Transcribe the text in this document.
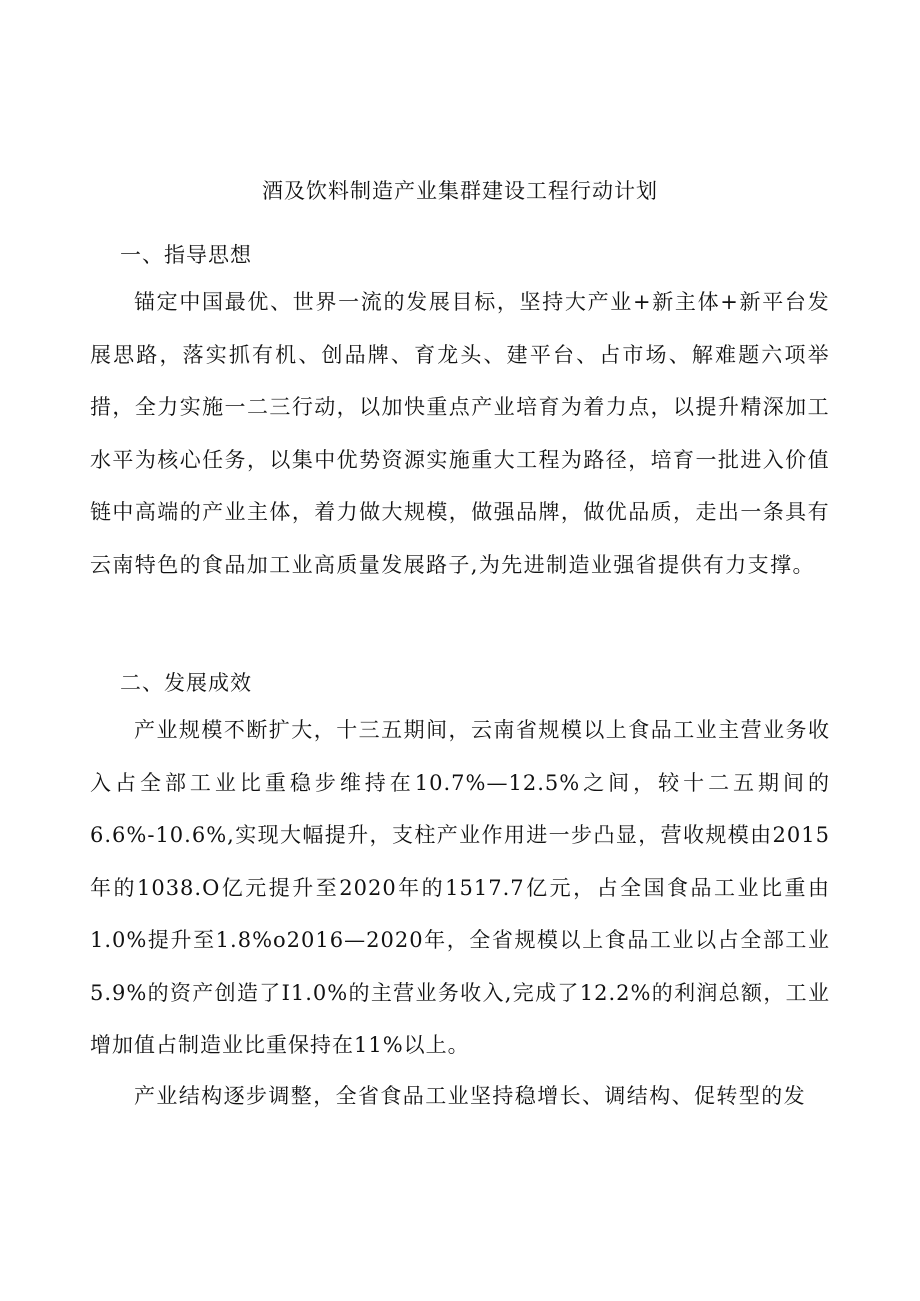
酒及饮料制造产业集群建设工程行动计划
一、指导思想

锚定中国最优、世界一流的发展目标，坚持大产业+新主体+新平台发展思路，落实抓有机、创品牌、育龙头、建平台、占市场、解难题六项举措，全力实施一二三行动，以加快重点产业培育为着力点，以提升精深加工水平为核心任务，以集中优势资源实施重大工程为路径，培育一批进入价值链中高端的产业主体，着力做大规模，做强品牌，做优品质，走出一条具有云南特色的食品加工业高质量发展路子,为先进制造业强省提供有力支撑。

二、发展成效

产业规模不断扩大，十三五期间，云南省规模以上食品工业主营业务收入占全部工业比重稳步维持在10.7%—12.5%之间，较十二五期间的6.6%-10.6%,实现大幅提升，支柱产业作用进一步凸显，营收规模由2015年的1038.O亿元提升至2020年的1517.7亿元，占全国食品工业比重由1.0%提升至1.8%o2016—2020年，全省规模以上食品工业以占全部工业5.9%的资产创造了I1.0%的主营业务收入,完成了12.2%的利润总额，工业增加值占制造业比重保持在11%以上。

产业结构逐步调整，全省食品工业坚持稳增长、调结构、促转型的发
